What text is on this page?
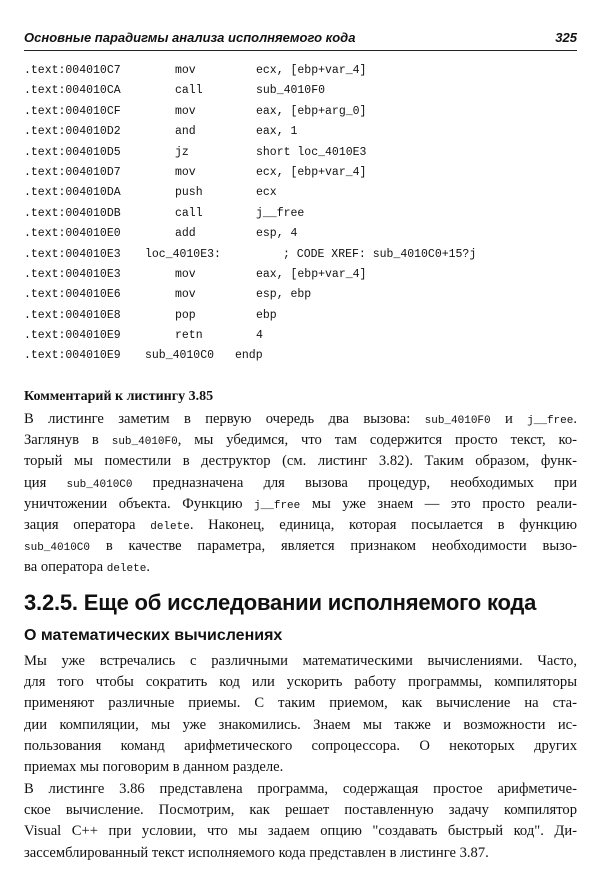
Основные парадигмы анализа исполняемого кода	325
.text:004010C7	mov	ecx, [ebp+var_4]
.text:004010CA	call	sub_4010F0
.text:004010CF	mov	eax, [ebp+arg_0]
.text:004010D2	and	eax, 1
.text:004010D5	jz	short loc_4010E3
.text:004010D7	mov	ecx, [ebp+var_4]
.text:004010DA	push	ecx
.text:004010DB	call	j__free
.text:004010E0	add	esp, 4
.text:004010E3 loc_4010E3:	; CODE XREF: sub_4010C0+15?j
.text:004010E3	mov	eax, [ebp+var_4]
.text:004010E6	mov	esp, ebp
.text:004010E8	pop	ebp
.text:004010E9	retn	4
.text:004010E9 sub_4010C0 endp
Комментарий к листингу 3.85
В листинге заметим в первую очередь два вызова: sub_4010F0 и j__free.
Заглянув в sub_4010F0, мы убедимся, что там содержится просто текст, ко-
торый мы поместили в деструктор (см. листинг 3.82). Таким образом, функ-
ция sub_4010C0 предназначена для вызова процедур, необходимых при
уничтожении объекта. Функцию j__free мы уже знаем — это просто реали-
зация оператора delete. Наконец, единица, которая посылается в функцию
sub_4010C0 в качестве параметра, является признаком необходимости вызо-
ва оператора delete.
3.2.5. Еще об исследовании исполняемого кода
О математических вычислениях
Мы уже встречались с различными математическими вычислениями. Часто,
для того чтобы сократить код или ускорить работу программы, компиляторы
применяют различные приемы. С таким приемом, как вычисление на ста-
дии компиляции, мы уже знакомились. Знаем мы также и возможности ис-
пользования команд арифметического сопроцессора. О некоторых других
приемах мы поговорим в данном разделе.
В листинге 3.86 представлена программа, содержащая простое арифметиче-
ское вычисление. Посмотрим, как решает поставленную задачу компилятор
Visual C++ при условии, что мы задаем опцию "создавать быстрый код". Ди-
зассемблированный текст исполняемого кода представлен в листинге 3.87.
